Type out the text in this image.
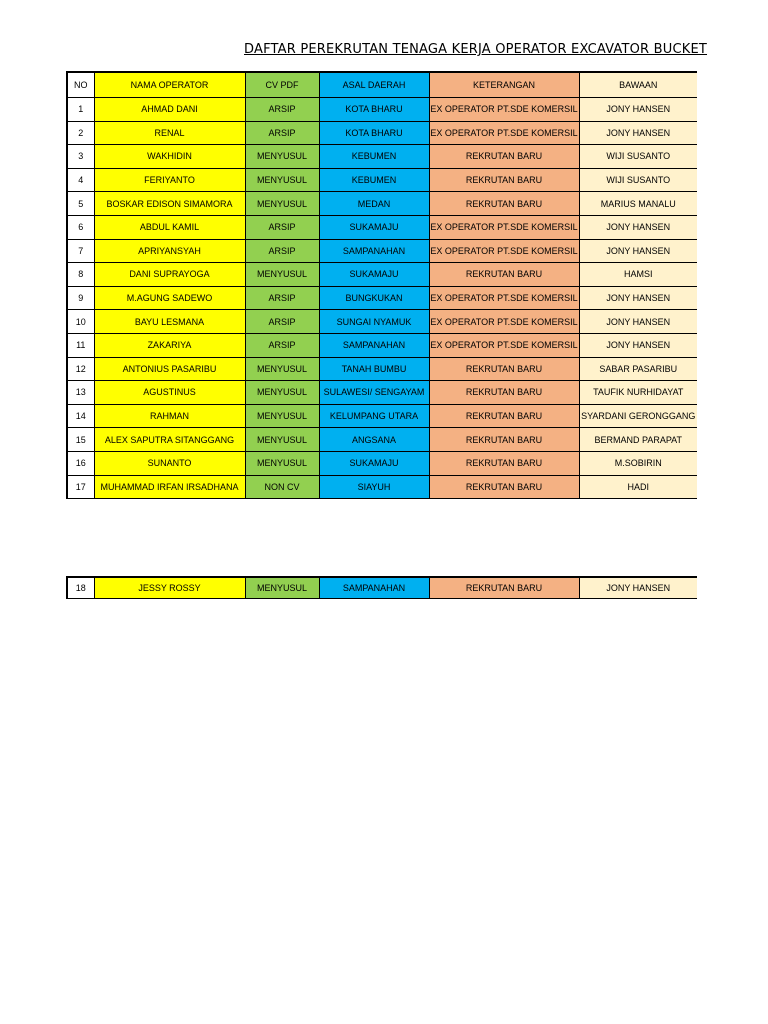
DAFTAR PEREKRUTAN TENAGA KERJA OPERATOR EXCAVATOR BUCKET
NO	NAMA OPERATOR	CV PDF	ASAL DAERAH	KETERANGAN	BAWAAN
1	AHMAD DANI	ARSIP	KOTA BHARU	EX OPERATOR PT.SDE KOMERSIL	JONY HANSEN
2	RENAL	ARSIP	KOTA BHARU	EX OPERATOR PT.SDE KOMERSIL	JONY HANSEN
3	WAKHIDIN	MENYUSUL	KEBUMEN	REKRUTAN BARU	WIJI SUSANTO
4	FERIYANTO	MENYUSUL	KEBUMEN	REKRUTAN BARU	WIJI SUSANTO
5	BOSKAR EDISON SIMAMORA	MENYUSUL	MEDAN	REKRUTAN BARU	MARIUS MANALU
6	ABDUL KAMIL	ARSIP	SUKAMAJU	EX OPERATOR PT.SDE KOMERSIL	JONY HANSEN
7	APRIYANSYAH	ARSIP	SAMPANAHAN	EX OPERATOR PT.SDE KOMERSIL	JONY HANSEN
8	DANI SUPRAYOGA	MENYUSUL	SUKAMAJU	REKRUTAN BARU	HAMSI
9	M.AGUNG SADEWO	ARSIP	BUNGKUKAN	EX OPERATOR PT.SDE KOMERSIL	JONY HANSEN
10	BAYU LESMANA	ARSIP	SUNGAI NYAMUK	EX OPERATOR PT.SDE KOMERSIL	JONY HANSEN
11	ZAKARIYA	ARSIP	SAMPANAHAN	EX OPERATOR PT.SDE KOMERSIL	JONY HANSEN
12	ANTONIUS PASARIBU	MENYUSUL	TANAH BUMBU	REKRUTAN BARU	SABAR PASARIBU
13	AGUSTINUS	MENYUSUL	SULAWESI/ SENGAYAM	REKRUTAN BARU	TAUFIK NURHIDAYAT
14	RAHMAN	MENYUSUL	KELUMPANG UTARA	REKRUTAN BARU	SYARDANI GERONGGANG
15	ALEX SAPUTRA SITANGGANG	MENYUSUL	ANGSANA	REKRUTAN BARU	BERMAND PARAPAT
16	SUNANTO	MENYUSUL	SUKAMAJU	REKRUTAN BARU	M.SOBIRIN
17	MUHAMMAD IRFAN IRSADHANA	NON CV	SIAYUH	REKRUTAN BARU	HADI
18	JESSY ROSSY	MENYUSUL	SAMPANAHAN	REKRUTAN BARU	JONY HANSEN
